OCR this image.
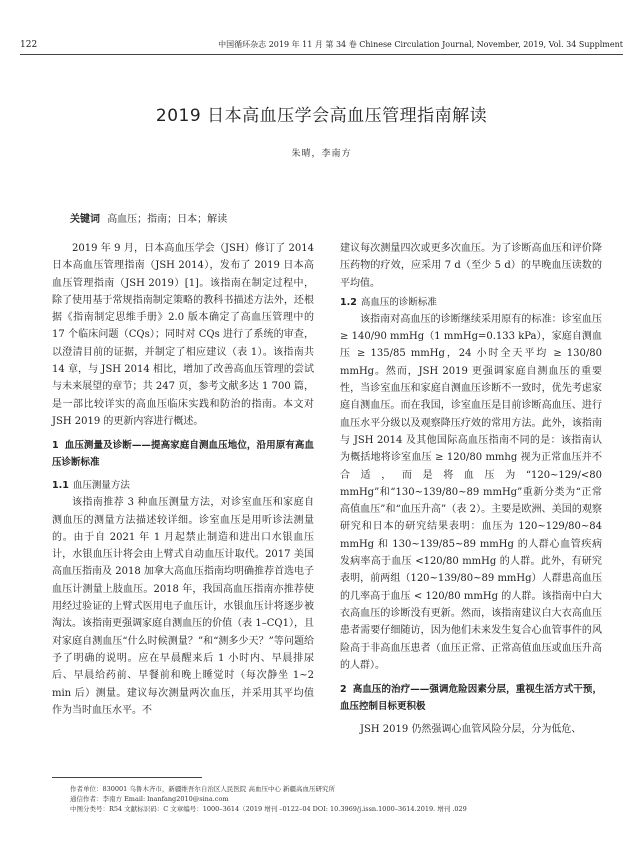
122	中国循环杂志 2019 年 11 月 第 34 卷 Chinese Circulation Journal, November, 2019, Vol. 34 Supplment
2019 日本高血压学会高血压管理指南解读
朱晴，李南方
关键词 高血压；指南；日本；解读

2019 年 9 月，日本高血压学会（JSH）修订了 2014 日本高血压管理指南（JSH 2014），发布了 2019 日本高血压管理指南（JSH 2019）[1]。该指南在制定过程中，除了使用基于常规指南制定策略的教科书描述方法外，还根据《指南制定思维手册》2.0 版本确定了高血压管理中的 17 个临床问题（CQs）；同时对 CQs 进行了系统的审查，以澄清目前的证据，并制定了相应建议（表 1）。该指南共 14 章，与 JSH 2014 相比，增加了改善高血压管理的尝试与未来展望的章节；共 247 页，参考文献多达 1 700 篇，是一部比较详实的高血压临床实践和防治的指南。本文对 JSH 2019 的更新内容进行概述。

1 血压测量及诊断——提高家庭自测血压地位，沿用原有高血压诊断标准
1.1 血压测量方法

该指南推荐 3 种血压测量方法，对诊室血压和家庭自测血压的测量方法描述较详细。诊室血压是用听诊法测量的。由于自 2021 年 1 月起禁止制造和进出口水银血压计，水银血压计将会由上臂式自动血压计取代。2017 美国高血压指南及 2018 加拿大高血压指南均明确推荐首选电子血压计测量上肢血压。2018 年，我国高血压指南亦推荐使用经过验证的上臂式医用电子血压计，水银血压计将逐步被淘汰。该指南更强调家庭自测血压的价值（表 1–CQ1），且对家庭自测血压“什么时候测量？”和“测多少天？”等问题给予了明确的说明。应在早晨醒来后 1 小时内、早晨排尿后、早晨给药前、早餐前和晚上睡觉时（每次静坐 1~2 min 后）测量。建议每次测量两次血压，并采用其平均值作为当时血压水平。不

建议每次测量四次或更多次血压。为了诊断高血压和评价降压药物的疗效，应采用 7 d（至少 5 d）的早晚血压读数的平均值。

1.2 高血压的诊断标准

该指南对高血压的诊断继续采用原有的标准：诊室血压 ≥ 140/90 mmHg（1 mmHg=0.133 kPa），家庭自测血压 ≥ 135/85 mmHg，24 小时全天平均 ≥ 130/80 mmHg。然而，JSH 2019 更强调家庭自测血压的重要性，当诊室血压和家庭自测血压诊断不一致时，优先考虑家庭自测血压。而在我国，诊室血压是目前诊断高血压、进行血压水平分级以及观察降压疗效的常用方法。此外，该指南与 JSH 2014 及其他国际高血压指南不同的是：该指南认为概括地将诊室血压 ≥ 120/80 mmhg 视为正常血压并不合适，而是将血压为“120~129/<80 mmHg”和“130~139/80~89 mmHg”重新分类为“正常高值血压”和“血压升高”（表 2）。主要是欧洲、美国的观察研究和日本的研究结果表明：血压为 120~129/80~84 mmHg 和 130~139/85~89 mmHg 的人群心血管疾病发病率高于血压 <120/80 mmHg 的人群。此外，有研究表明，前两组（120~139/80~89 mmHg）人群患高血压的几率高于血压 < 120/80 mmHg 的人群。该指南中白大衣高血压的诊断没有更新。然而，该指南建议白大衣高血压患者需要仔细随访，因为他们未来发生复合心血管事件的风险高于非高血压患者（血压正常、正常高值血压或血压升高的人群）。

2 高血压的治疗——强调危险因素分层，重视生活方式干预，血压控制目标更积极

JSH 2019 仍然强调心血管风险分层，分为低危、

作者单位：830001 乌鲁木齐市，新疆维吾尔自治区人民医院 高血压中心 新疆高血压研究所
通信作者：李南方 Email: lnanfang2010@sina.com
中图分类号：R54 文献标识码：C 文章编号：1000–3614（2019 增刊 –0122–04 DOI: 10.3969/j.issn.1000–3614.2019. 增刊 .029
